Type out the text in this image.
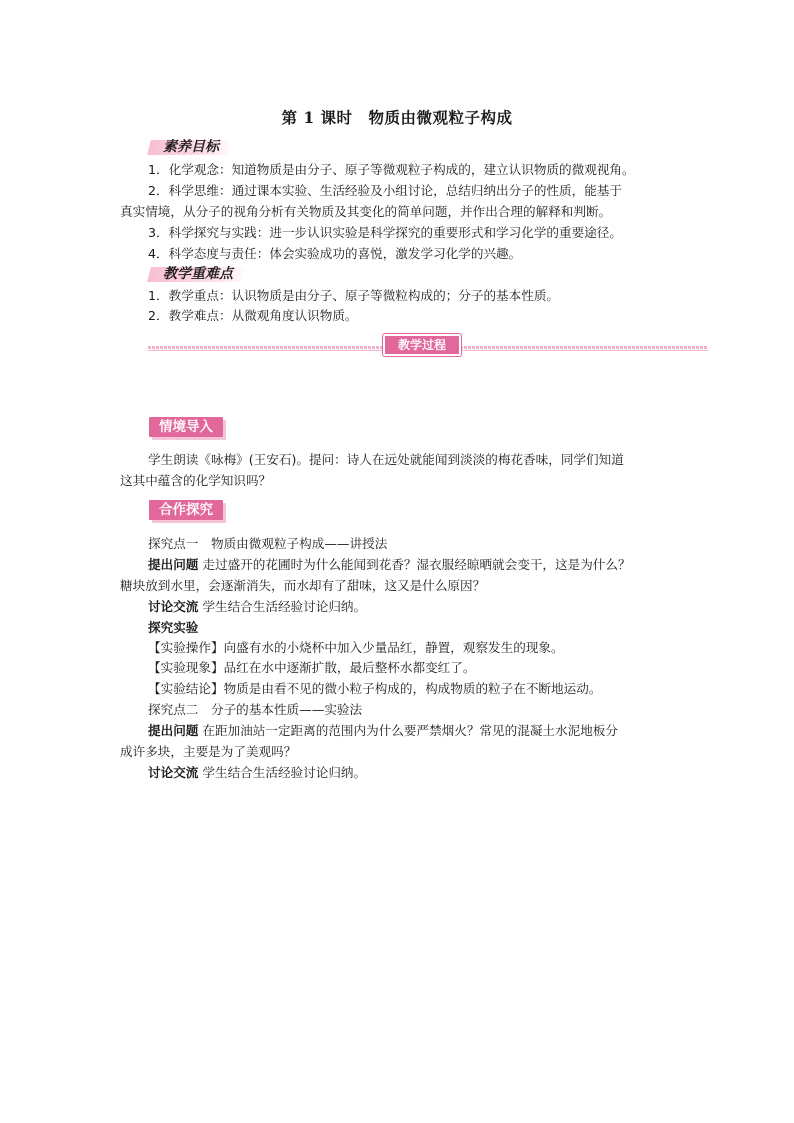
第 1 课时　物质由微观粒子构成
素养目标
1．化学观念：知道物质是由分子、原子等微观粒子构成的，建立认识物质的微观视角。
2．科学思维：通过课本实验、生活经验及小组讨论，总结归纳出分子的性质，能基于
真实情境，从分子的视角分析有关物质及其变化的简单问题，并作出合理的解释和判断。
3．科学探究与实践：进一步认识实验是科学探究的重要形式和学习化学的重要途径。
4．科学态度与责任：体会实验成功的喜悦，激发学习化学的兴趣。
教学重难点
1．教学重点：认识物质是由分子、原子等微粒构成的；分子的基本性质。
2．教学难点：从微观角度认识物质。
教学过程
情境导入
学生朗读《咏梅》(王安石)。提问：诗人在远处就能闻到淡淡的梅花香味，同学们知道
这其中蕴含的化学知识吗？
合作探究
探究点一　物质由微观粒子构成——讲授法
提出问题 走过盛开的花圃时为什么能闻到花香？湿衣服经晾晒就会变干，这是为什么？
糖块放到水里，会逐渐消失，而水却有了甜味，这又是什么原因？
讨论交流 学生结合生活经验讨论归纳。
探究实验
【实验操作】向盛有水的小烧杯中加入少量品红，静置，观察发生的现象。
【实验现象】品红在水中逐渐扩散，最后整杯水都变红了。
【实验结论】物质是由看不见的微小粒子构成的，构成物质的粒子在不断地运动。
探究点二　分子的基本性质——实验法
提出问题 在距加油站一定距离的范围内为什么要严禁烟火？常见的混凝土水泥地板分
成许多块，主要是为了美观吗？
讨论交流 学生结合生活经验讨论归纳。
